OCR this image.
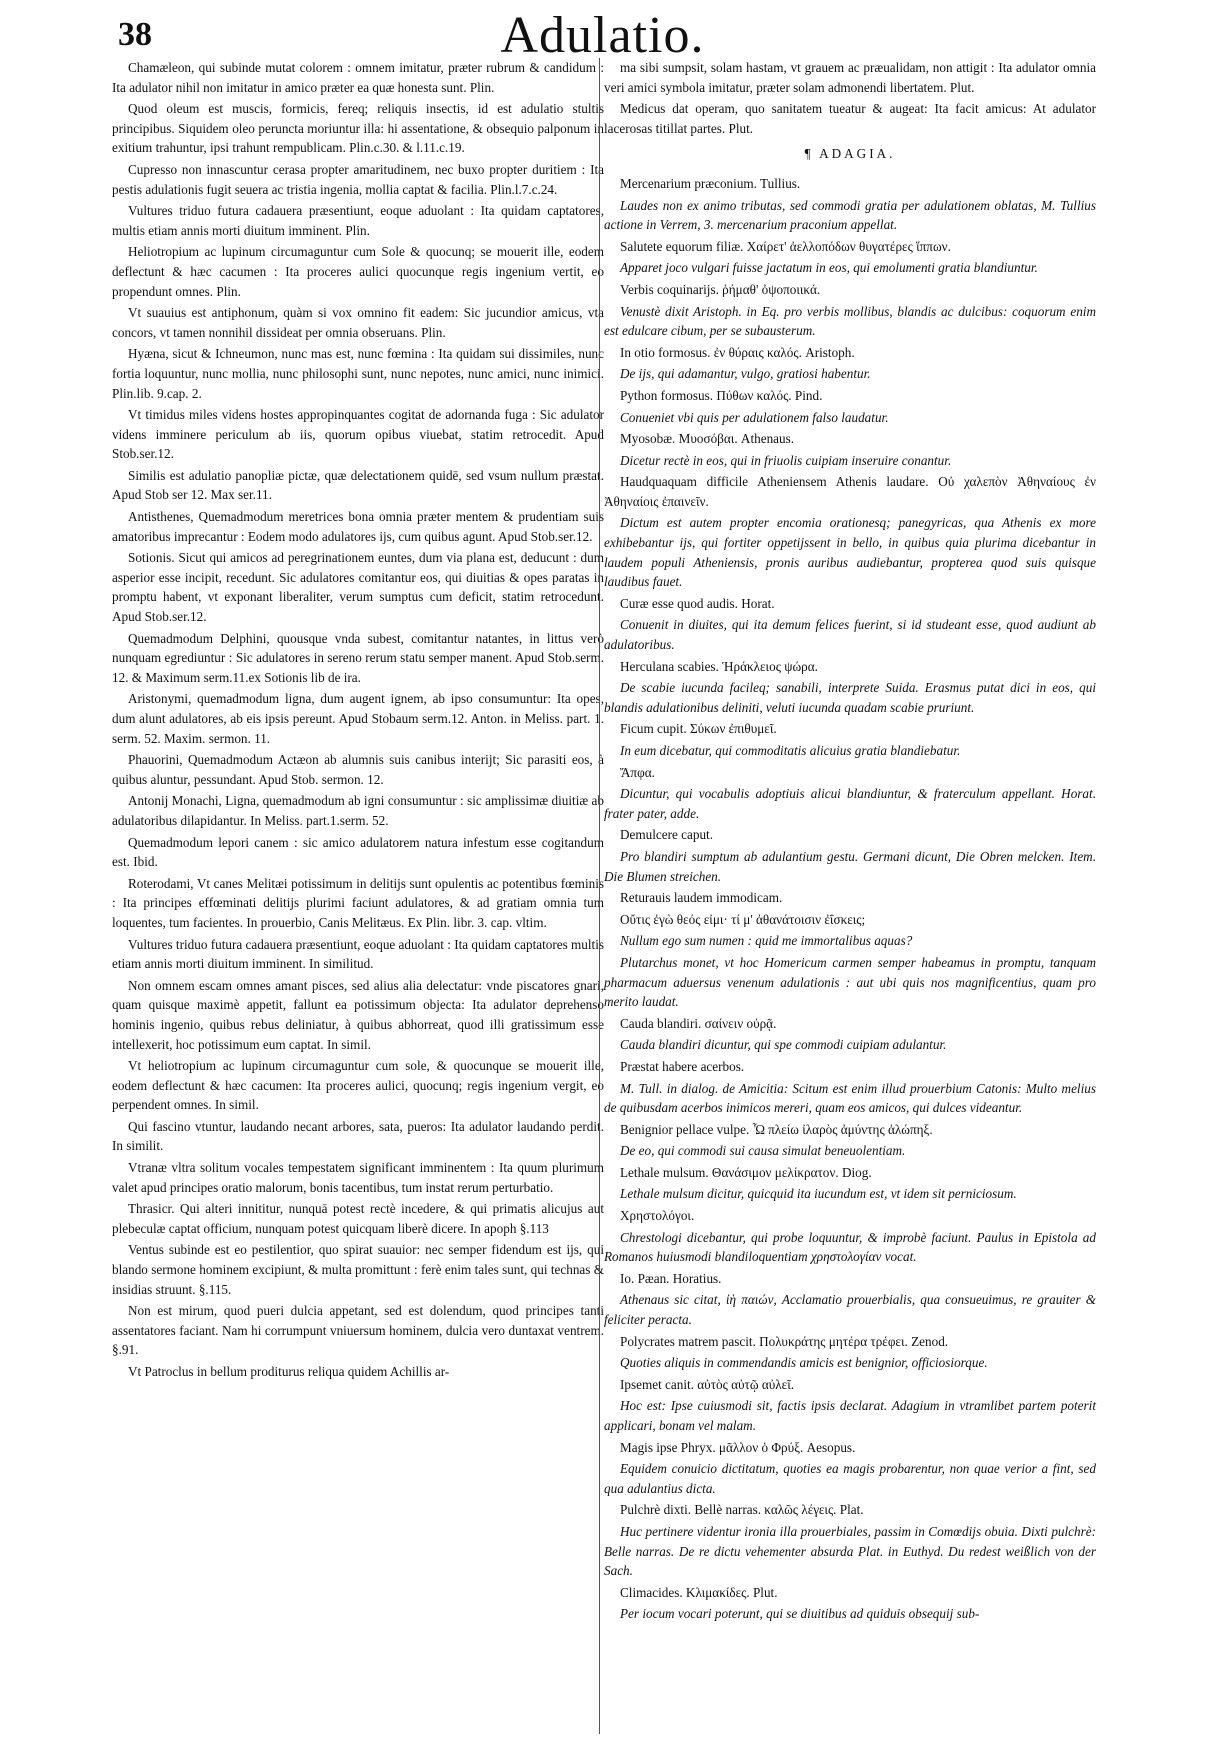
38	Adulatio.

Chamæleon, qui subinde mutat colorem : omnem imitatur, præter rubrum & candidum : Ita adulator nihil non imitatur in amico præter ea quæ honesta sunt. Plin.

Quod oleum est muscis, formicis, fereq; reliquis insectis, id est adulatio stultis principibus. Siquidem oleo peruncta moriuntur illa: hi assentatione, & obsequio palponum in exitium trahuntur, ipsi trahunt rempublicam. Plin.c.30. & l.11.c.19.

Cupresso non innascuntur cerasa propter amaritudinem, nec buxo propter duritiem : Ita pestis adulationis fugit seuera ac tristia ingenia, mollia captat & facilia. Plin.l.7.c.24.

Vultures triduo futura cadauera præsentiunt, eoque aduolant : Ita quidam captatores, multis etiam annis morti diuitum imminent. Plin.

Heliotropium ac lupinum circumaguntur cum Sole & quocunq; se mouerit ille, eodem deflectunt & hæc cacumen : Ita proceres aulici quocunque regis ingenium vertit, eo propendunt omnes. Plin.

Vt suauius est antiphonum, quàm si vox omnino fit eadem: Sic jucundior amicus, vta concors, vt tamen nonnihil dissideat per omnia obseruans. Plin.

Hyæna, sicut & Ichneumon, nunc mas est, nunc fœmina : Ita quidam sui dissimiles, nunc fortia loquuntur, nunc mollia, nunc philosophi sunt, nunc nepotes, nunc amici, nunc inimici. Plin.lib. 9.cap. 2.

Vt timidus miles videns hostes appropinquantes cogitat de adornanda fuga : Sic adulator videns imminere periculum ab iis, quorum opibus viuebat, statim retrocedit. Apud Stob.ser.12.

Similis est adulatio panopliæ pictæ, quæ delectationem quidē, sed vsum nullum præstat. Apud Stob ser 12. Max ser.11.

Antisthenes, Quemadmodum meretrices bona omnia præter mentem & prudentiam suis amatoribus imprecantur : Eodem modo adulatores ijs, cum quibus agunt. Apud Stob.ser.12.

Sotionis. Sicut qui amicos ad peregrinationem euntes, dum via plana est, deducunt : dum asperior esse incipit, recedunt. Sic adulatores comitantur eos, qui diuitias & opes paratas in promptu habent, vt exponant liberaliter, verum sumptus cum deficit, statim retrocedunt. Apud Stob.ser.12.

Quemadmodum Delphini, quousque vnda subest, comitantur natantes, in littus verò nunquam egrediuntur : Sic adulatores in sereno rerum statu semper manent. Apud Stob.serm. 12. & Maximum serm.11.ex Sotionis lib de ira.

Aristonymi, quemadmodum ligna, dum augent ignem, ab ipso consumuntur: Ita opes, dum alunt adulatores, ab eis ipsis pereunt. Apud Stobaum serm.12. Anton. in Meliss. part. 1. serm. 52. Maxim. sermon. 11.

Phauorini, Quemadmodum Actæon ab alumnis suis canibus interijt; Sic parasiti eos, à quibus aluntur, pessundant. Apud Stob. sermon. 12.

Antonij Monachi, Ligna, quemadmodum ab igni consumuntur : sic amplissimæ diuitiæ ab adulatoribus dilapidantur. In Meliss. part.1.serm. 52.

Quemadmodum lepori canem : sic amico adulatorem natura infestum esse cogitandum est. Ibid.

Roterodami, Vt canes Melitæi potissimum in delitijs sunt opulentis ac potentibus fœminis : Ita principes effœminati delitijs plurimi faciunt adulatores, & ad gratiam omnia tum loquentes, tum facientes. In prouerbio, Canis Melitæus. Ex Plin. libr. 3. cap. vltim.

Vultures triduo futura cadauera præsentiunt, eoque aduolant : Ita quidam captatores multis etiam annis morti diuitum imminent. In similitud.

Non omnem escam omnes amant pisces, sed alius alia delectatur: vnde piscatores gnari, quam quisque maximè appetit, fallunt ea potissimum objecta: Ita adulator deprehenso hominis ingenio, quibus rebus deliniatur, à quibus abhorreat, quod illi gratissimum esse intellexerit, hoc potissimum eum captat. In simil.

Vt heliotropium ac lupinum circumaguntur cum sole, & quocunque se mouerit ille, eodem deflectunt & hæc cacumen: Ita proceres aulici, quocunq; regis ingenium vergit, eo perpendent omnes. In simil.

Qui fascino vtuntur, laudando necant arbores, sata, pueros: Ita adulator laudando perdit. In similit.

Vtranæ vltra solitum vocales tempestatem significant imminentem : Ita quum plurimum valet apud principes oratio malorum, bonis tacentibus, tum instat rerum perturbatio.

Thrasicr. Qui alteri innititur, nunquā potest rectè incedere, & qui primatis alicujus aut plebeculæ captat officium, nunquam potest quicquam liberè dicere. In apoph §.113

Ventus subinde est eo pestilentior, quo spirat suauior: nec semper fidendum est ijs, qui blando sermone hominem excipiunt, & multa promittunt : ferè enim tales sunt, qui technas & insidias struunt. §.115.

Non est mirum, quod pueri dulcia appetant, sed est dolendum, quod principes tanti assentatores faciant. Nam hi corrumpunt vniuersum hominem, dulcia vero duntaxat ventrem. §.91.

Vt Patroclus in bellum proditurus reliqua quidem Achillis ar-

ma sibi sumpsit, solam hastam, vt grauem ac præualidam, non attigit : Ita adulator omnia veri amici symbola imitatur, præter solam admonendi libertatem. Plut.

Medicus dat operam, quo sanitatem tueatur & augeat: Ita facit amicus: At adulator lacerosas titillat partes. Plut.

¶ ADAGIA.

Mercenarium præconium. Tullius.

Laudes non ex animo tributas, sed commodi gratia per adulationem oblatas, M. Tullius actione in Verrem, 3. mercenarium praconium appellat.

Salutete equorum filiæ. Χαίρετ' ἀελλοπόδων θυγατέρες ἵππων.

Apparet joco vulgari fuisse jactatum in eos, qui emolumenti gratia blandiuntur.

Verbis coquinarijs. ῥήμαθ' ὀψοποιικά.

Venustè dixit Aristoph. in Eq. pro verbis mollibus, blandis ac dulcibus: coquorum enim est edulcare cibum, per se subausterum.

In otio formosus. ἐν θύραις καλός. Aristoph.

De ijs, qui adamantur, vulgo, gratiosi habentur.

Python formosus. Πύθων καλός. Pind.

Conueniet vbi quis per adulationem falso laudatur.

Myosobæ. Μυοσόβαι. Athenaus.

Dicetur rectè in eos, qui in friuolis cuipiam inseruire conantur.

Haudquaquam difficile Atheniensem Athenis laudare. Οὐ χαλεπὸν Ἀθηναίους ἐν Ἀθηναίοις ἐπαινεῖν.

Dictum est autem propter encomia orationesq; panegyricas, qua Athenis ex more exhibebantur ijs, qui fortiter oppetijssent in bello, in quibus quia plurima dicebantur in laudem populi Atheniensis, pronis auribus audiebantur, propterea quod suis quisque laudibus fauet.

Curæ esse quod audis. Horat.

Conuenit in diuites, qui ita demum felices fuerint, si id studeant esse, quod audiunt ab adulatoribus.

Herculana scabies. Ἡράκλειος ψώρα.

De scabie iucunda facileq; sanabili, interprete Suida. Erasmus putat dici in eos, qui blandis adulationibus deliniti, veluti iucunda quadam scabie pruriunt.

Ficum cupit. Σύκων ἐπιθυμεῖ.

In eum dicebatur, qui commoditatis alicuius gratia blandiebatur.

Ἄπφα.

Dicuntur, qui vocabulis adoptiuis alicui blandiuntur, & fraterculum appellant. Horat. frater pater, adde.

Demulcere caput.

Pro blandiri sumptum ab adulantium gestu. Germani dicunt, Die Obren melcken. Item. Die Blumen streichen.

Returauis laudem immodicam.

Οὔτις ἐγὼ θεός εἰμι· τί μ' ἀθανάτοισιν ἐΐσκεις;

Nullum ego sum numen : quid me immortalibus aquas?

Plutarchus monet, vt hoc Homericum carmen semper habeamus in promptu, tanquam pharmacum aduersus venenum adulationis : aut ubi quis nos magnificentius, quam pro merito laudat.

Cauda blandiri. σαίνειν οὐρᾷ.

Cauda blandiri dicuntur, qui spe commodi cuipiam adulantur.

Præstat habere acerbos.

M. Tull. in dialog. de Amicitia: Scitum est enim illud prouerbium Catonis: Multo melius de quibusdam acerbos inimicos mereri, quam eos amicos, qui dulces videantur.

Benignior pellace vulpe. Ὦ πλείω ἰλαρὸς ἀμύντης ἀλώπηξ.

De eo, qui commodi sui causa simulat beneuolentiam.

Lethale mulsum. Θανάσιμον μελίκρατον. Diog.

Lethale mulsum dicitur, quicquid ita iucundum est, vt idem sit perniciosum.

Χρηστολόγοι.

Chrestologi dicebantur, qui probe loquuntur, & improbè faciunt. Paulus in Epistola ad Romanos huiusmodi blandiloquentiam χρηστολογίαν vocat.

Io. Pæan. Horatius.

Athenaus sic citat, ἰὴ παιών, Acclamatio prouerbialis, qua consueuimus, re grauiter & feliciter peracta.

Polycrates matrem pascit. Πολυκράτης μητέρα τρέφει. Zenod.

Quoties aliquis in commendandis amicis est benignior, officiosiorque.

Ipsemet canit. αὐτὸς αὐτῷ αὐλεῖ.

Hoc est: Ipse cuiusmodi sit, factis ipsis declarat. Adagium in vtramlibet partem poterit applicari, bonam vel malam.

Magis ipse Phryx. μᾶλλον ὁ Φρύξ. Aesopus.

Equidem conuicio dictitatum, quoties ea magis probarentur, non quae verior a fint, sed qua adulantius dicta.

Pulchrè dixti. Bellè narras. καλῶς λέγεις. Plat.

Huc pertinere videntur ironia illa prouerbiales, passim in Comœdijs obuia. Dixti pulchrè: Belle narras. De re dictu vehementer absurda Plat. in Euthyd. Du redest weißlich von der Sach.

Climacides. Κλιμακίδες. Plut.

Per iocum vocari poterunt, qui se diuitibus ad quiduis obsequij sub-
